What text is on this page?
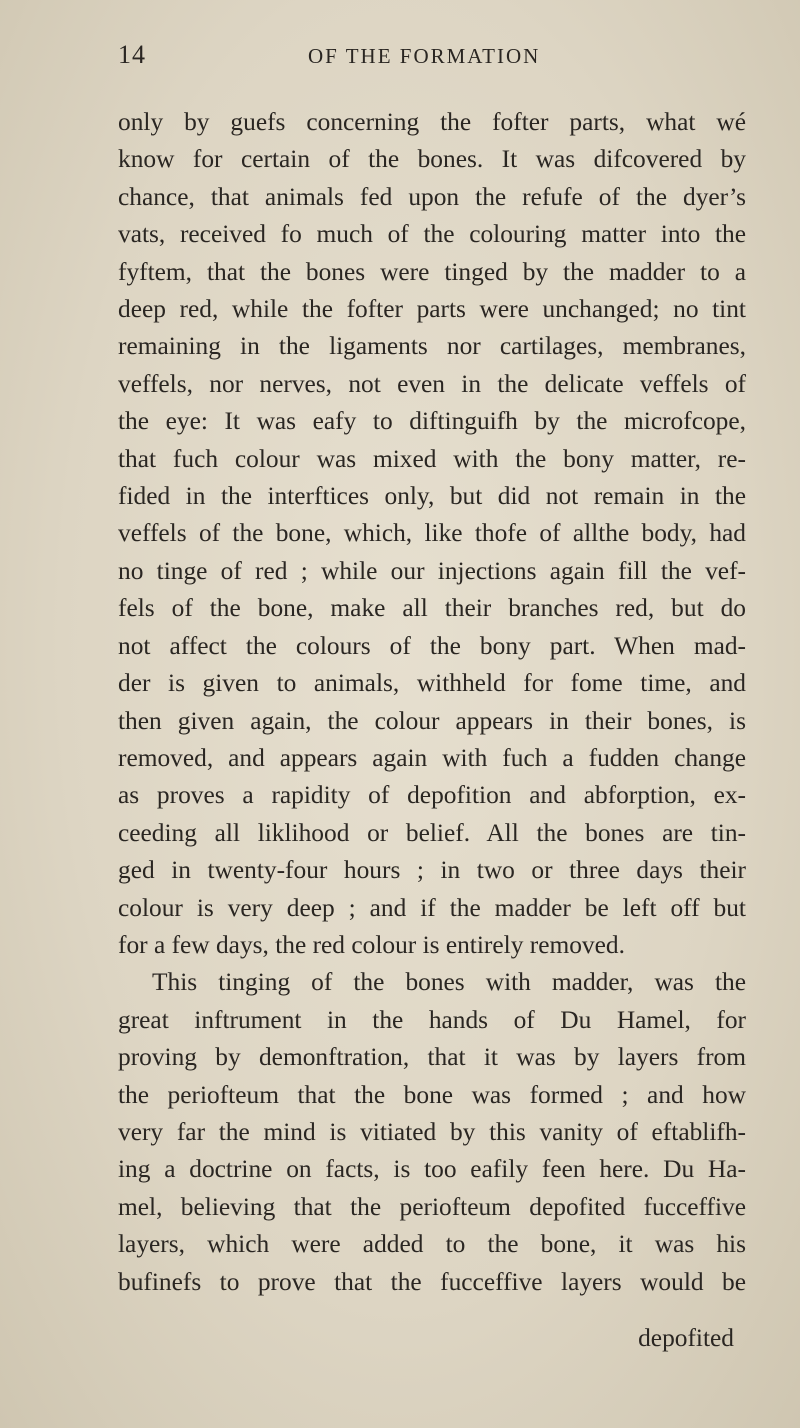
14	OF THE FORMATION
only by guefs concerning the fofter parts, what wé
know for certain of the bones. It was difcovered by
chance, that animals fed upon the refufe of the dyer’s
vats, received fo much of the colouring matter into the
fyftem, that the bones were tinged by the madder to a
deep red, while the fofter parts were unchanged; no tint
remaining in the ligaments nor cartilages, membranes,
veffels, nor nerves, not even in the delicate veffels of
the eye: It was eafy to diftinguifh by the microfcope,
that fuch colour was mixed with the bony matter, re-
fided in the interftices only, but did not remain in the
veffels of the bone, which, like thofe of allthe body, had
no tinge of red ; while our injections again fill the vef-
fels of the bone, make all their branches red, but do
not affect the colours of the bony part. When mad-
der is given to animals, withheld for fome time, and
then given again, the colour appears in their bones, is
removed, and appears again with fuch a fudden change
as proves a rapidity of depofition and abforption, ex-
ceeding all liklihood or belief. All the bones are tin-
ged in twenty-four hours ; in two or three days their
colour is very deep ; and if the madder be left off but
for a few days, the red colour is entirely removed.
This tinging of the bones with madder, was the
great inftrument in the hands of Du Hamel, for
proving by demonftration, that it was by layers from
the periofteum that the bone was formed ; and how
very far the mind is vitiated by this vanity of eftablifh-
ing a doctrine on facts, is too eafily feen here. Du Ha-
mel, believing that the periofteum depofited fucceffive
layers, which were added to the bone, it was his
bufinefs to prove that the fucceffive layers would be
depofited
